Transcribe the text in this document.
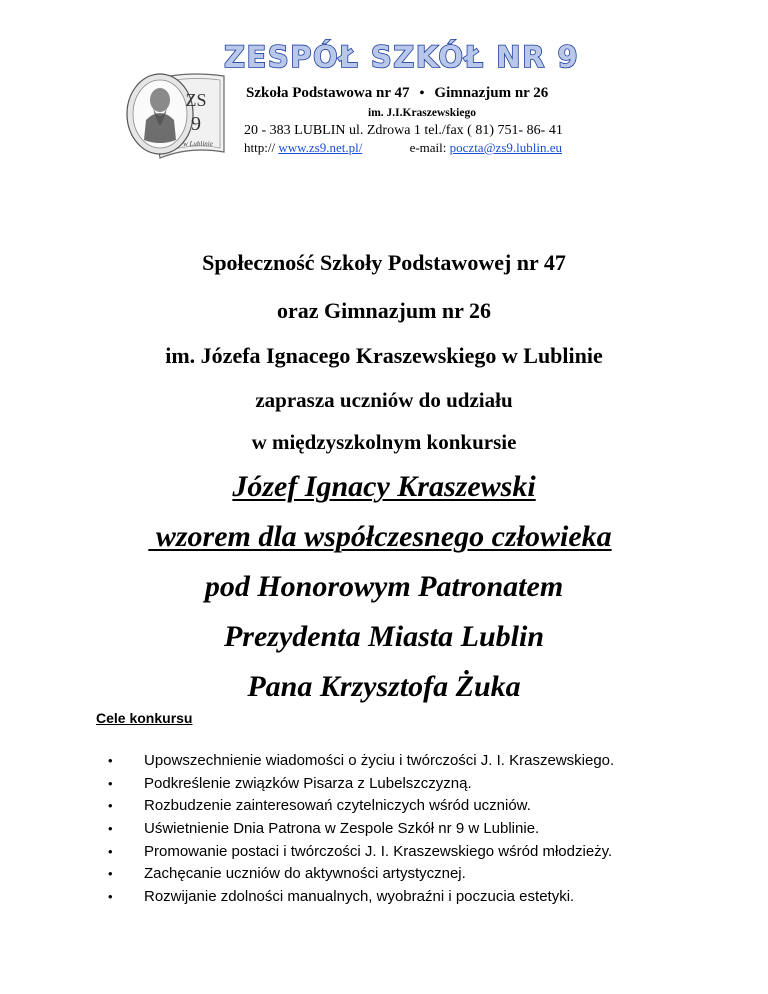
ZS
9
w Lublinie
ZESPÓŁ SZKÓŁ NR 9
Szkoła Podstawowa nr 47 • Gimnazjum nr 26
im. J.I.Kraszewskiego
20 - 383 LUBLIN ul. Zdrowa 1 tel./fax ( 81) 751- 86- 41
http:// www.zs9.net.pl/	e-mail: poczta@zs9.lublin.eu
Społeczność Szkoły Podstawowej nr 47
oraz Gimnazjum nr 26
im. Józefa Ignacego Kraszewskiego w Lublinie
zaprasza uczniów do udziału
w międzyszkolnym konkursie
Józef Ignacy Kraszewski
wzorem dla współczesnego człowieka
pod Honorowym Patronatem
Prezydenta Miasta Lublin
Pana Krzysztofa Żuka
Cele konkursu
• Upowszechnienie wiadomości o życiu i twórczości J. I. Kraszewskiego.
• Podkreślenie związków Pisarza z Lubelszczyzną.
• Rozbudzenie zainteresowań czytelniczych wśród uczniów.
• Uświetnienie Dnia Patrona w Zespole Szkół nr 9 w Lublinie.
• Promowanie postaci i twórczości J. I. Kraszewskiego wśród młodzieży.
• Zachęcanie uczniów do aktywności artystycznej.
• Rozwijanie zdolności manualnych, wyobraźni i poczucia estetyki.
